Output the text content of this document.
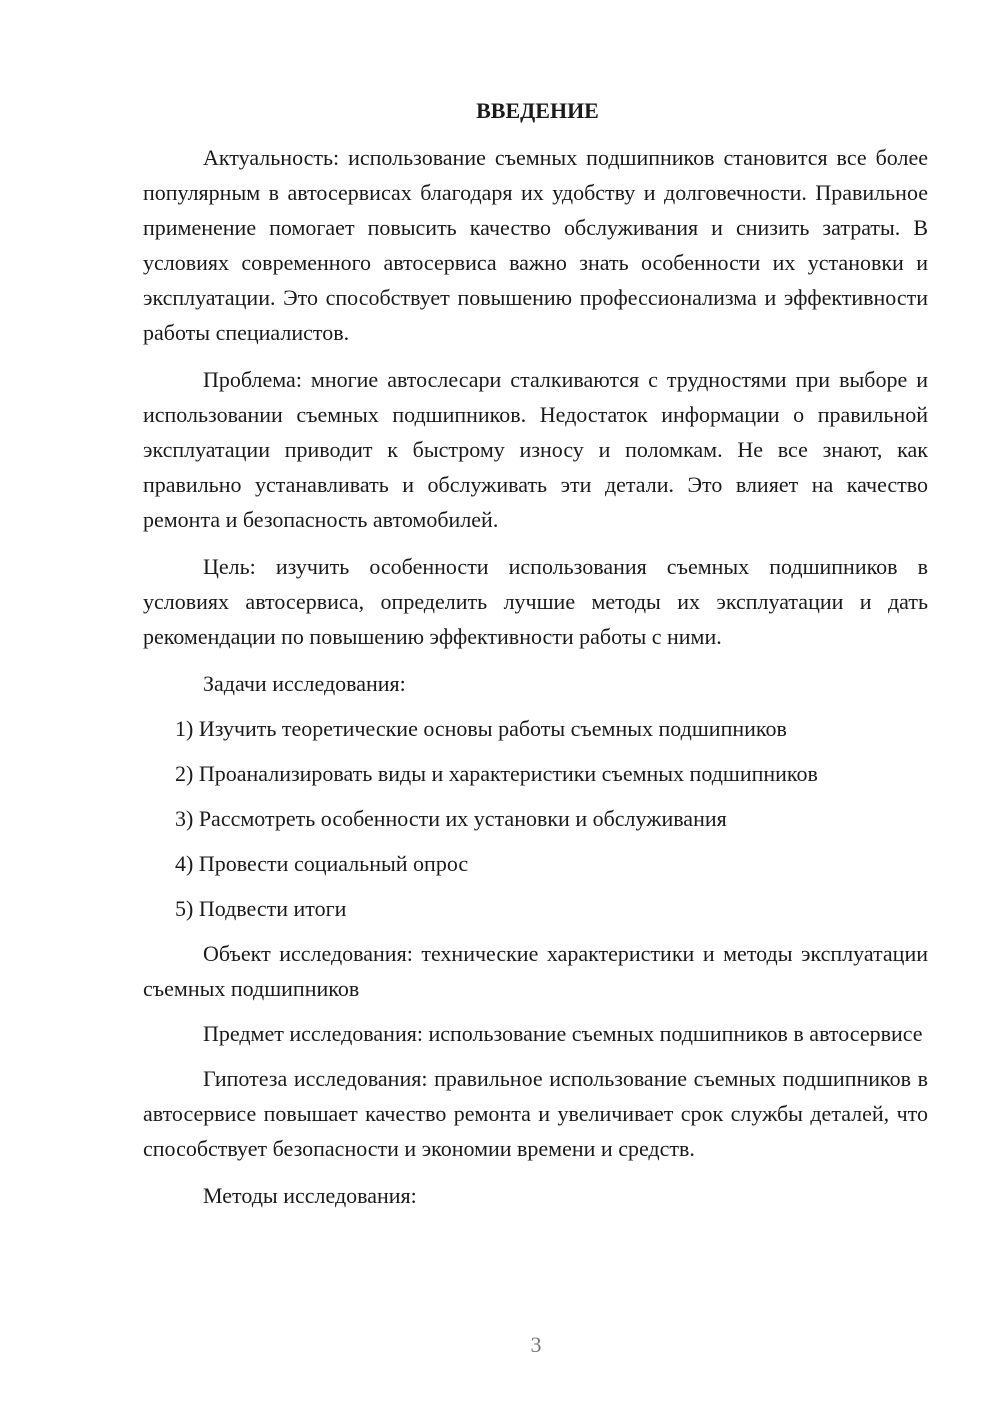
ВВЕДЕНИЕ

Актуальность: использование съемных подшипников становится все более популярным в автосервисах благодаря их удобству и долговечности. Правильное применение помогает повысить качество обслуживания и снизить затраты. В условиях современного автосервиса важно знать особенности их установки и эксплуатации. Это способствует повышению профессионализма и эффективности работы специалистов.

Проблема: многие автослесари сталкиваются с трудностями при выборе и использовании съемных подшипников. Недостаток информации о правильной эксплуатации приводит к быстрому износу и поломкам. Не все знают, как правильно устанавливать и обслуживать эти детали. Это влияет на качество ремонта и безопасность автомобилей.

Цель: изучить особенности использования съемных подшипников в условиях автосервиса, определить лучшие методы их эксплуатации и дать рекомендации по повышению эффективности работы с ними.

Задачи исследования:

1) Изучить теоретические основы работы съемных подшипников
2) Проанализировать виды и характеристики съемных подшипников
3) Рассмотреть особенности их установки и обслуживания
4) Провести социальный опрос
5) Подвести итоги

Объект исследования: технические характеристики и методы эксплуатации съемных подшипников

Предмет исследования: использование съемных подшипников в автосервисе

Гипотеза исследования: правильное использование съемных подшипников в автосервисе повышает качество ремонта и увеличивает срок службы деталей, что способствует безопасности и экономии времени и средств.

Методы исследования:

3
